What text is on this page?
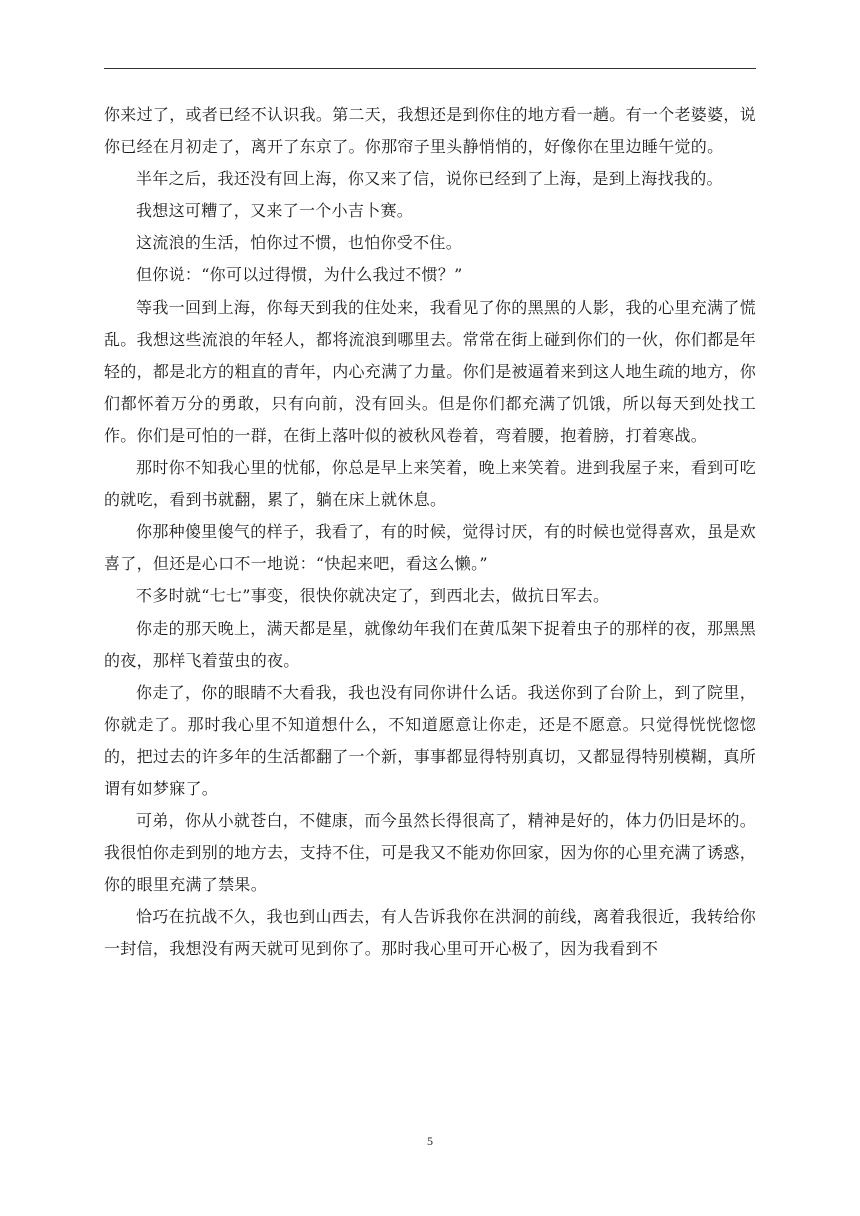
你来过了，或者已经不认识我。第二天，我想还是到你住的地方看一趟。有一个老婆婆，说你已经在月初走了，离开了东京了。你那帘子里头静悄悄的，好像你在里边睡午觉的。

半年之后，我还没有回上海，你又来了信，说你已经到了上海，是到上海找我的。

我想这可糟了，又来了一个小吉卜赛。

这流浪的生活，怕你过不惯，也怕你受不住。

但你说：“你可以过得惯，为什么我过不惯？”

等我一回到上海，你每天到我的住处来，我看见了你的黑黑的人影，我的心里充满了慌乱。我想这些流浪的年轻人，都将流浪到哪里去。常常在街上碰到你们的一伙，你们都是年轻的，都是北方的粗直的青年，内心充满了力量。你们是被逼着来到这人地生疏的地方，你们都怀着万分的勇敢，只有向前，没有回头。但是你们都充满了饥饿，所以每天到处找工作。你们是可怕的一群，在街上落叶似的被秋风卷着，弯着腰，抱着膀，打着寒战。

那时你不知我心里的忧郁，你总是早上来笑着，晚上来笑着。进到我屋子来，看到可吃的就吃，看到书就翻，累了，躺在床上就休息。

你那种傻里傻气的样子，我看了，有的时候，觉得讨厌，有的时候也觉得喜欢，虽是欢喜了，但还是心口不一地说：“快起来吧，看这么懒。”

不多时就“七七”事变，很快你就决定了，到西北去，做抗日军去。

你走的那天晚上，满天都是星，就像幼年我们在黄瓜架下捉着虫子的那样的夜，那黑黑的夜，那样飞着萤虫的夜。

你走了，你的眼睛不大看我，我也没有同你讲什么话。我送你到了台阶上，到了院里，你就走了。那时我心里不知道想什么，不知道愿意让你走，还是不愿意。只觉得恍恍惚惚的，把过去的许多年的生活都翻了一个新，事事都显得特别真切，又都显得特别模糊，真所谓有如梦寐了。

可弟，你从小就苍白，不健康，而今虽然长得很高了，精神是好的，体力仍旧是坏的。我很怕你走到别的地方去，支持不住，可是我又不能劝你回家，因为你的心里充满了诱惑，你的眼里充满了禁果。

恰巧在抗战不久，我也到山西去，有人告诉我你在洪洞的前线，离着我很近，我转给你一封信，我想没有两天就可见到你了。那时我心里可开心极了，因为我看到不

5
